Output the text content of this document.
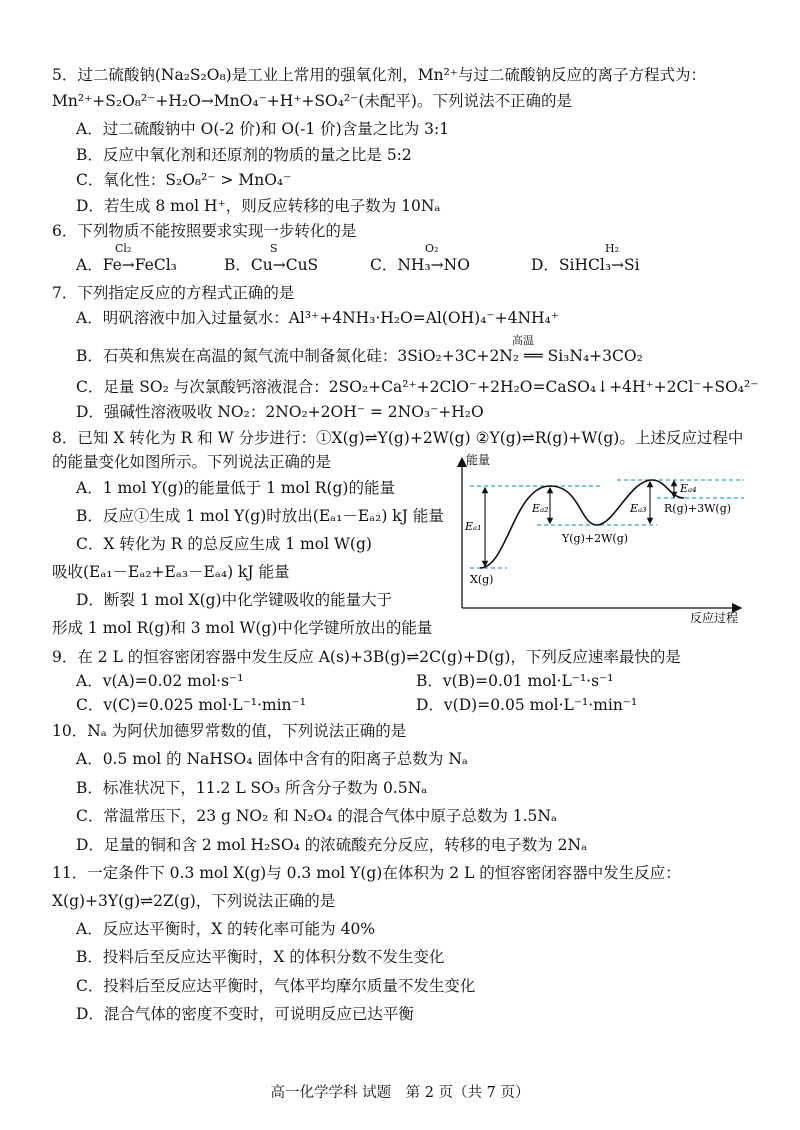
5．过二硫酸钠(Na₂S₂O₈)是工业上常用的强氧化剂，Mn²⁺与过二硫酸钠反应的离子方程式为：
Mn²⁺+S₂O₈²⁻+H₂O→MnO₄⁻+H⁺+SO₄²⁻(未配平)。下列说法不正确的是
A．过二硫酸钠中 O(-2 价)和 O(-1 价)含量之比为 3:1
B．反应中氧化剂和还原剂的物质的量之比是 5:2
C．氧化性：S₂O₈²⁻ > MnO₄⁻
D．若生成 8 mol H⁺，则反应转移的电子数为 10Nₐ
6．下列物质不能按照要求实现一步转化的是
Cl₂	S	O₂	H₂
A．Fe→FeCl₃	B．Cu→CuS	C．NH₃→NO	D．SiHCl₃→Si
7．下列指定反应的方程式正确的是
A．明矾溶液中加入过量氨水：Al³⁺+4NH₃·H₂O=Al(OH)₄⁻+4NH₄⁺
高温
B．石英和焦炭在高温的氮气流中制备氮化硅：3SiO₂+3C+2N₂ ══ Si₃N₄+3CO₂
C．足量 SO₂ 与次氯酸钙溶液混合：2SO₂+Ca²⁺+2ClO⁻+2H₂O=CaSO₄↓+4H⁺+2Cl⁻+SO₄²⁻
D．强碱性溶液吸收 NO₂：2NO₂+2OH⁻ = 2NO₃⁻+H₂O
8．已知 X 转化为 R 和 W 分步进行：①X(g)⇌Y(g)+2W(g) ②Y(g)⇌R(g)+W(g)。上述反应过程中
的能量变化如图所示。下列说法正确的是
A．1 mol Y(g)的能量低于 1 mol R(g)的能量
B．反应①生成 1 mol Y(g)时放出(Eₐ₁－Eₐ₂) kJ 能量
C．X 转化为 R 的总反应生成 1 mol W(g)
吸收(Eₐ₁－Eₐ₂+Eₐ₃－Eₐ₄) kJ 能量
D．断裂 1 mol X(g)中化学键吸收的能量大于
形成 1 mol R(g)和 3 mol W(g)中化学键所放出的能量
能量
反应过程
Eₐ₁
Eₐ₂	Eₐ₃
Eₐ₄
X(g)
Y(g)+2W(g)
R(g)+3W(g)
9．在 2 L 的恒容密闭容器中发生反应 A(s)+3B(g)⇌2C(g)+D(g)，下列反应速率最快的是
A．v(A)=0.02 mol·s⁻¹	B．v(B)=0.01 mol·L⁻¹·s⁻¹
C．v(C)=0.025 mol·L⁻¹·min⁻¹	D．v(D)=0.05 mol·L⁻¹·min⁻¹
10．Nₐ 为阿伏加德罗常数的值，下列说法正确的是
A．0.5 mol 的 NaHSO₄ 固体中含有的阳离子总数为 Nₐ
B．标准状况下，11.2 L SO₃ 所含分子数为 0.5Nₐ
C．常温常压下，23 g NO₂ 和 N₂O₄ 的混合气体中原子总数为 1.5Nₐ
D．足量的铜和含 2 mol H₂SO₄ 的浓硫酸充分反应，转移的电子数为 2Nₐ
11．一定条件下 0.3 mol X(g)与 0.3 mol Y(g)在体积为 2 L 的恒容密闭容器中发生反应：
X(g)+3Y(g)⇌2Z(g)，下列说法正确的是
A．反应达平衡时，X 的转化率可能为 40%
B．投料后至反应达平衡时，X 的体积分数不发生变化
C．投料后至反应达平衡时，气体平均摩尔质量不发生变化
D．混合气体的密度不变时，可说明反应已达平衡
高一化学学科 试题　第 2 页（共 7 页）
